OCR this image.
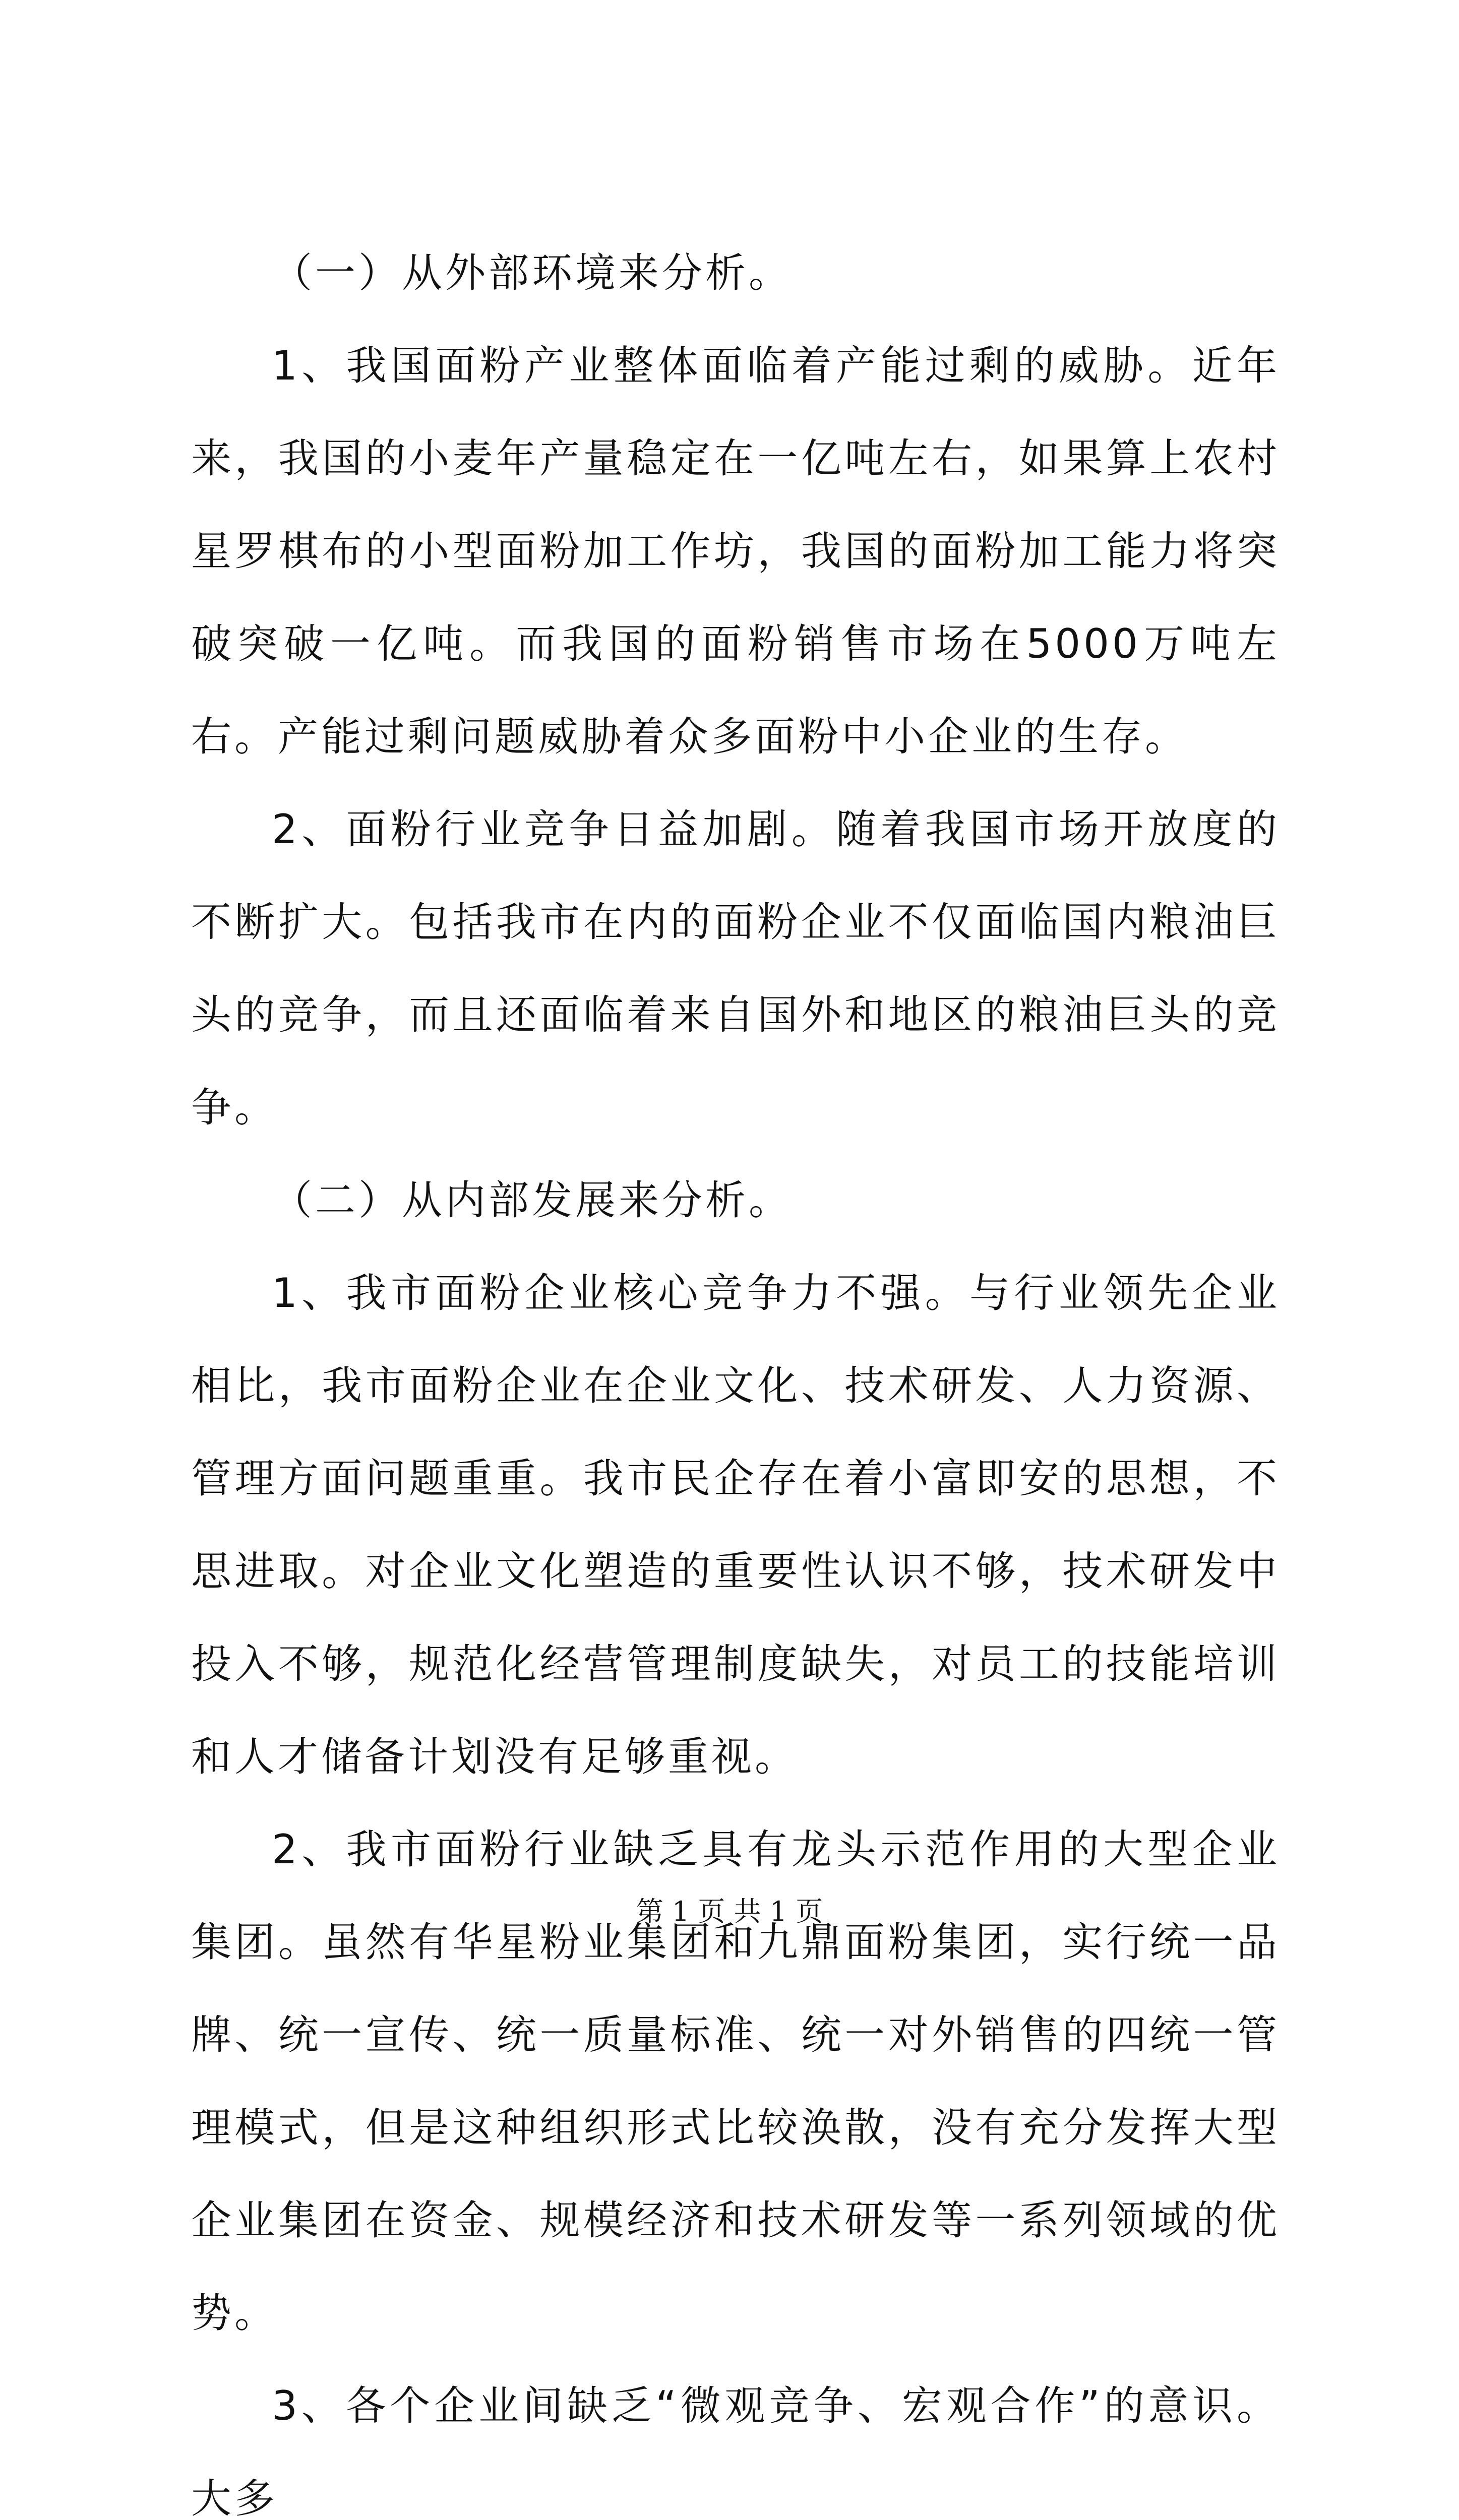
（一）从外部环境来分析。

1、我国面粉产业整体面临着产能过剩的威胁。近年来，我国的小麦年产量稳定在一亿吨左右，如果算上农村星罗棋布的小型面粉加工作坊，我国的面粉加工能力将突破突破一亿吨。而我国的面粉销售市场在5000万吨左右。产能过剩问题威胁着众多面粉中小企业的生存。

2、面粉行业竞争日益加剧。随着我国市场开放度的不断扩大。包括我市在内的面粉企业不仅面临国内粮油巨头的竞争，而且还面临着来自国外和地区的粮油巨头的竞争。

（二）从内部发展来分析。

1、我市面粉企业核心竞争力不强。与行业领先企业相比，我市面粉企业在企业文化、技术研发、人力资源、管理方面问题重重。我市民企存在着小富即安的思想，不思进取。对企业文化塑造的重要性认识不够，技术研发中投入不够，规范化经营管理制度缺失，对员工的技能培训和人才储备计划没有足够重视。

2、我市面粉行业缺乏具有龙头示范作用的大型企业集团。虽然有华星粉业集团和九鼎面粉集团，实行统一品牌、统一宣传、统一质量标准、统一对外销售的四统一管理模式，但是这种组织形式比较涣散，没有充分发挥大型企业集团在资金、规模经济和技术研发等一系列领域的优势。

3、各个企业间缺乏“微观竞争、宏观合作”的意识。大多

第 1 页 共 1 页
